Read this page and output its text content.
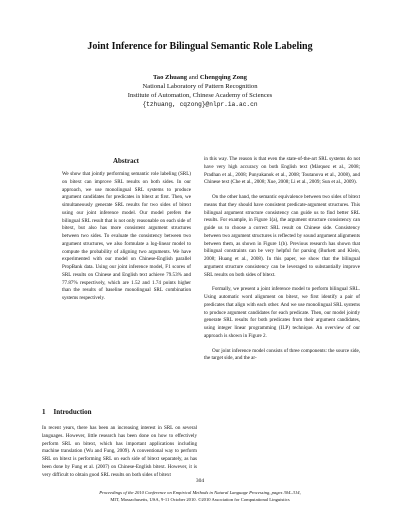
Joint Inference for Bilingual Semantic Role Labeling
Tao Zhuang and Chengqing Zong
National Laboratory of Pattern Recognition
Institute of Automation, Chinese Academy of Sciences
{tzhuang, cqzong}@nlpr.ia.ac.cn
Abstract

We show that jointly performing semantic role labeling (SRL) on bitext can improve SRL results on both sides. In our approach, we use monolingual SRL systems to produce argument candidates for predicates in bitext at first. Then, we simultaneously generate SRL results for two sides of bitext using our joint inference model. Our model prefers the bilingual SRL result that is not only reasonable on each side of bitext, but also has more consistent argument structures between two sides. To evaluate the consistency between two argument structures, we also formulate a log-linear model to compute the probability of aligning two arguments. We have experimented with our model on Chinese-English parallel PropBank data. Using our joint inference model, F1 scores of SRL results on Chinese and English text achieve 79.53% and 77.87% respectively, which are 1.52 and 1.74 points higher than the results of baseline monolingual SRL combination systems respectively.

1 Introduction

In recent years, there has been an increasing interest in SRL on several languages. However, little research has been done on how to effectively perform SRL on bitext, which has important applications including machine translation (Wu and Fung, 2009). A conventional way to perform SRL on bitext is performing SRL on each side of bitext separately, as has been done by Fung et al. (2007) on Chinese-English bitext. However, it is very difficult to obtain good SRL results on both sides of bitext

in this way. The reason is that even the state-of-the-art SRL systems do not have very high accuracy on both English text (Màrquez et al., 2008; Pradhan et al., 2008; Punyakanok et al., 2008; Toutanova et al., 2008), and Chinese text (Che et al., 2008; Xue, 2008; Li et al., 2009; Sun et al., 2009).

On the other hand, the semantic equivalence between two sides of bitext means that they should have consistent predicate-argument structures. This bilingual argument structure consistency can guide us to find better SRL results. For example, in Figure 1(a), the argument structure consistency can guide us to choose a correct SRL result on Chinese side. Consistency between two argument structures is reflected by sound argument alignments between them, as shown in Figure 1(b). Previous research has shown that bilingual constraints can be very helpful for parsing (Burkett and Klein, 2008; Huang et al., 2008). In this paper, we show that the bilingual argument structure consistency can be leveraged to substantially improve SRL results on both sides of bitext.

Formally, we present a joint inference model to perform bilingual SRL. Using automatic word alignment on bitext, we first identify a pair of predicates that align with each other. And we use monolingual SRL systems to produce argument candidates for each predicate. Then, our model jointly generate SRL results for both predicates from their argument candidates, using integer linear programming (ILP) technique. An overview of our approach is shown in Figure 2.

Our joint inference model consists of three components: the source side, the target side, and the ar-

304
Proceedings of the 2010 Conference on Empirical Methods in Natural Language Processing, pages 304–314,
MIT, Massachusetts, USA, 9-11 October 2010. ©2010 Association for Computational Linguistics
